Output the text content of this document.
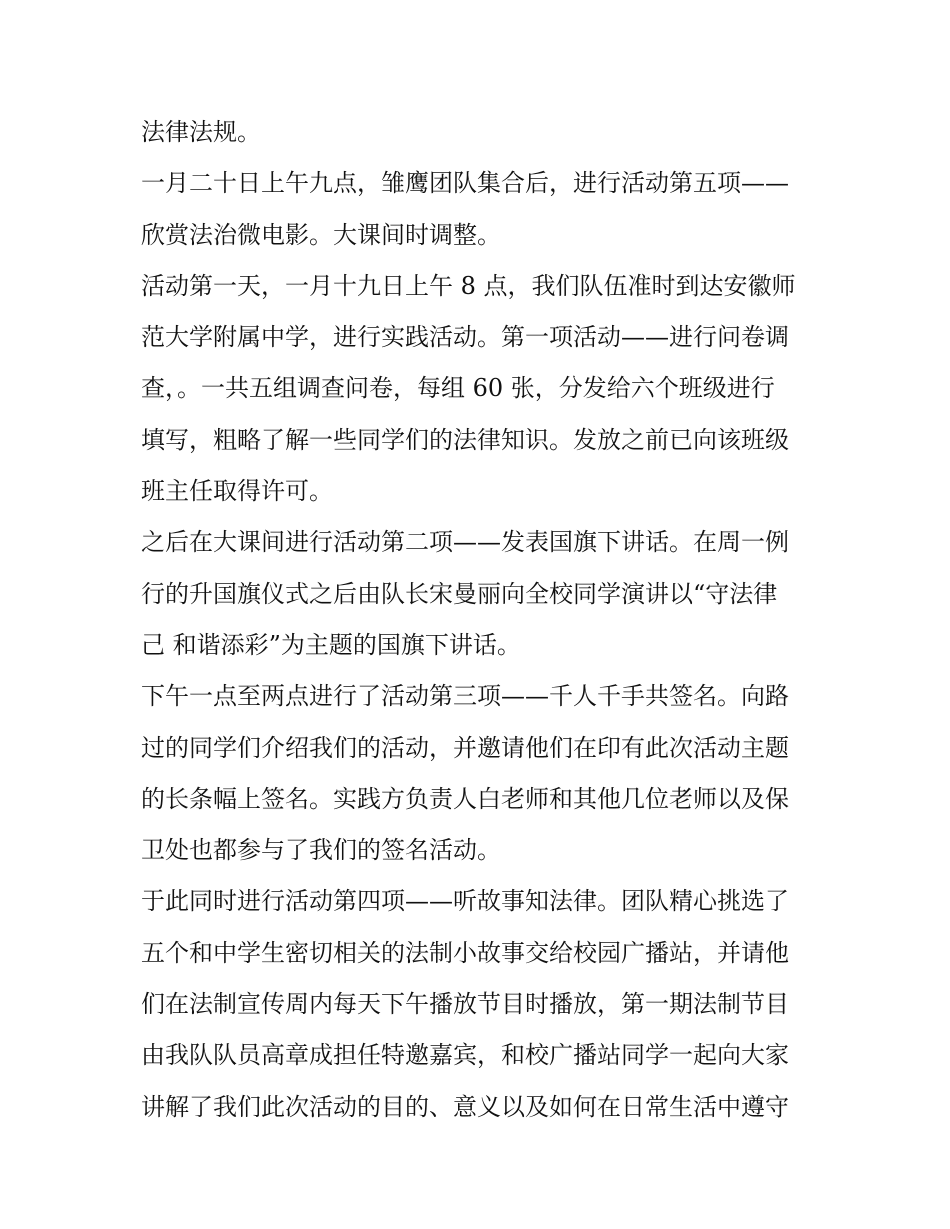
法律法规。
一月二十日上午九点，雏鹰团队集合后，进行活动第五项——
欣赏法治微电影。大课间时调整。
活动第一天，一月十九日上午 8 点，我们队伍准时到达安徽师
范大学附属中学，进行实践活动。第一项活动——进行问卷调
查，。一共五组调查问卷，每组 60 张，分发给六个班级进行
填写，粗略了解一些同学们的法律知识。发放之前已向该班级
班主任取得许可。
之后在大课间进行活动第二项——发表国旗下讲话。在周一例
行的升国旗仪式之后由队长宋曼丽向全校同学演讲以“守法律
己 和谐添彩”为主题的国旗下讲话。
下午一点至两点进行了活动第三项——千人千手共签名。向路
过的同学们介绍我们的活动，并邀请他们在印有此次活动主题
的长条幅上签名。实践方负责人白老师和其他几位老师以及保
卫处也都参与了我们的签名活动。
于此同时进行活动第四项——听故事知法律。团队精心挑选了
五个和中学生密切相关的法制小故事交给校园广播站，并请他
们在法制宣传周内每天下午播放节目时播放，第一期法制节目
由我队队员高章成担任特邀嘉宾，和校广播站同学一起向大家
讲解了我们此次活动的目的、意义以及如何在日常生活中遵守
